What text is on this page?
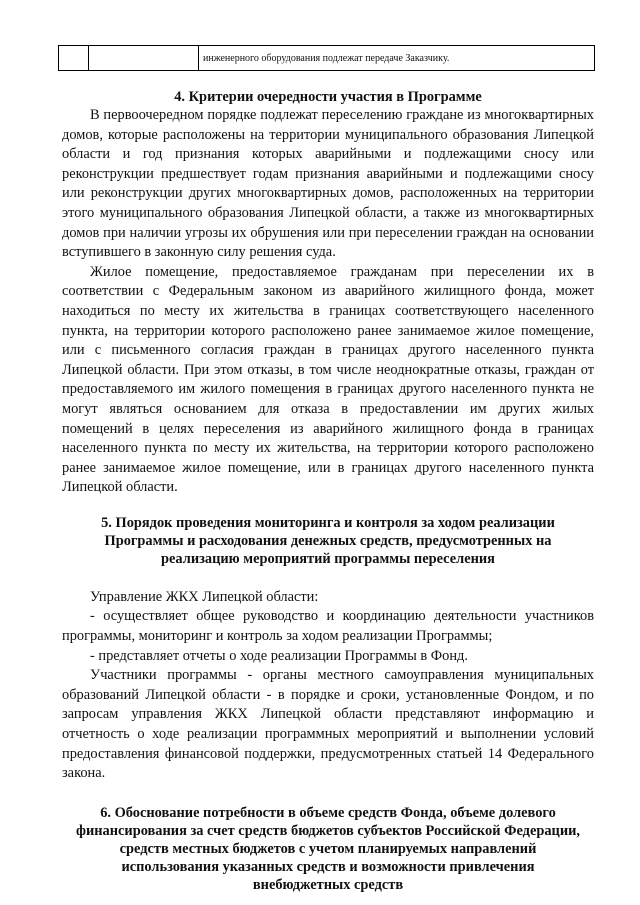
		инженерного оборудования подлежат передаче Заказчику.
4. Критерии очередности участия в Программе
В первоочередном порядке подлежат переселению граждане из многоквартирных домов, которые расположены на территории муниципального образования Липецкой области и год признания которых аварийными и подлежащими сносу или реконструкции предшествует годам признания аварийными и подлежащими сносу или реконструкции других многоквартирных домов, расположенных на территории этого муниципального образования Липецкой области, а также из многоквартирных домов при наличии угрозы их обрушения или при переселении граждан на основании вступившего в законную силу решения суда.
Жилое помещение, предоставляемое гражданам при переселении их в соответствии с Федеральным законом из аварийного жилищного фонда, может находиться по месту их жительства в границах соответствующего населенного пункта, на территории которого расположено ранее занимаемое жилое помещение, или с письменного согласия граждан в границах другого населенного пункта Липецкой области. При этом отказы, в том числе неоднократные отказы, граждан от предоставляемого им жилого помещения в границах другого населенного пункта не могут являться основанием для отказа в предоставлении им других жилых помещений в целях переселения из аварийного жилищного фонда в границах населенного пункта по месту их жительства, на территории которого расположено ранее занимаемое жилое помещение, или в границах другого населенного пункта Липецкой области.
5. Порядок проведения мониторинга и контроля за ходом реализации
Программы и расходования денежных средств, предусмотренных на
реализацию мероприятий программы переселения
Управление ЖКХ Липецкой области:
- осуществляет общее руководство и координацию деятельности участников программы, мониторинг и контроль за ходом реализации Программы;
- представляет отчеты о ходе реализации Программы в Фонд.
Участники программы - органы местного самоуправления муниципальных образований Липецкой области - в порядке и сроки, установленные Фондом, и по запросам управления ЖКХ Липецкой области представляют информацию и отчетность о ходе реализации программных мероприятий и выполнении условий предоставления финансовой поддержки, предусмотренных статьей 14 Федерального закона.
6. Обоснование потребности в объеме средств Фонда, объеме долевого
финансирования за счет средств бюджетов субъектов Российской Федерации,
средств местных бюджетов с учетом планируемых направлений
использования указанных средств и возможности привлечения
внебюджетных средств
